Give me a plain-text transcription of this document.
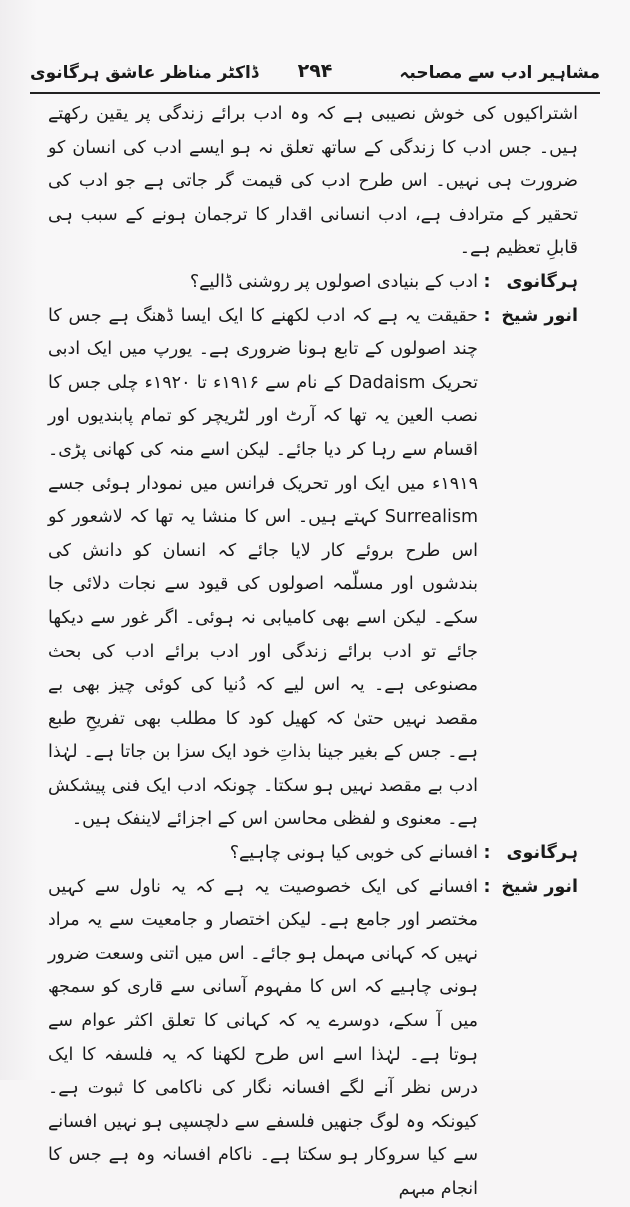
مشاہیر ادب سے مصاحبہ
۲۹۴
ڈاکٹر مناظر عاشق ہرگانوی

اشتراکیوں کی خوش نصیبی ہے کہ وہ ادب برائے زندگی پر یقین رکھتے ہیں۔ جس ادب کا زندگی کے ساتھ تعلق نہ ہو ایسے ادب کی انسان کو ضرورت ہی نہیں۔ اس طرح ادب کی قیمت گر جاتی ہے جو ادب کی تحقیر کے مترادف ہے، ادب انسانی اقدار کا ترجمان ہونے کے سبب ہی قابلِ تعظیم ہے۔

ہرگانوی
:
ادب کے بنیادی اصولوں پر روشنی ڈالیے؟
انور شیخ
:
حقیقت یہ ہے کہ ادب لکھنے کا ایک ایسا ڈھنگ ہے جس کا چند اصولوں کے تابع ہونا ضروری ہے۔ یورپ میں ایک ادبی تحریک Dadaism کے نام سے ۱۹۱۶ء تا ۱۹۲۰ء چلی جس کا نصب العین یہ تھا کہ آرٹ اور لٹریچر کو تمام پابندیوں اور اقسام سے رہا کر دیا جائے۔ لیکن اسے منہ کی کھانی پڑی۔ ۱۹۱۹ء میں ایک اور تحریک فرانس میں نمودار ہوئی جسے Surrealism کہتے ہیں۔ اس کا منشا یہ تھا کہ لاشعور کو اس طرح بروئے کار لایا جائے کہ انسان کو دانش کی بندشوں اور مسلّمہ اصولوں کی قیود سے نجات دلائی جا سکے۔ لیکن اسے بھی کامیابی نہ ہوئی۔ اگر غور سے دیکھا جائے تو ادب برائے زندگی اور ادب برائے ادب کی بحث مصنوعی ہے۔ یہ اس لیے کہ دُنیا کی کوئی چیز بھی بے مقصد نہیں حتیٰ کہ کھیل کود کا مطلب بھی تفریحِ طبع ہے۔ جس کے بغیر جینا بذاتِ خود ایک سزا بن جاتا ہے۔ لہٰذا ادب بے مقصد نہیں ہو سکتا۔ چونکہ ادب ایک فنی پیشکش ہے۔ معنوی و لفظی محاسن اس کے اجزائے لاینفک ہیں۔
ہرگانوی
:
افسانے کی خوبی کیا ہونی چاہیے؟
انور شیخ
:
افسانے کی ایک خصوصیت یہ ہے کہ یہ ناول سے کہیں مختصر اور جامع ہے۔ لیکن اختصار و جامعیت سے یہ مراد نہیں کہ کہانی مہمل ہو جائے۔ اس میں اتنی وسعت ضرور ہونی چاہیے کہ اس کا مفہوم آسانی سے قاری کو سمجھ میں آ سکے، دوسرے یہ کہ کہانی کا تعلق اکثر عوام سے ہوتا ہے۔ لہٰذا اسے اس طرح لکھنا کہ یہ فلسفہ کا ایک درس نظر آنے لگے افسانہ نگار کی ناکامی کا ثبوت ہے۔ کیونکہ وہ لوگ جنھیں فلسفے سے دلچسپی ہو نہیں افسانے سے کیا سروکار ہو سکتا ہے۔ ناکام افسانہ وہ ہے جس کا انجام مبہم
